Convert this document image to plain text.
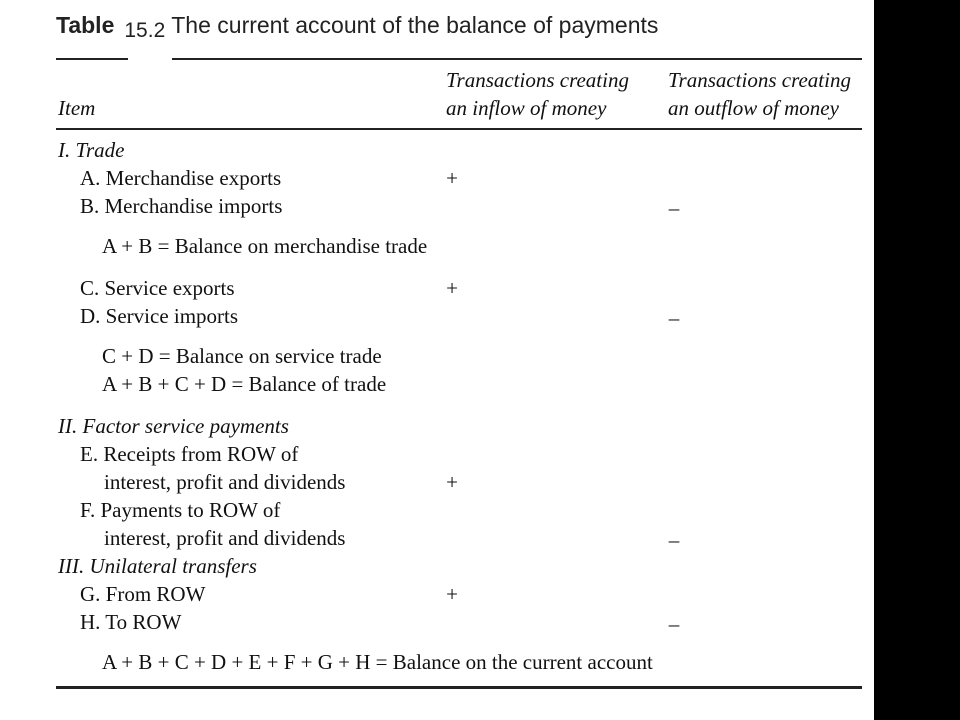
Table 15.2 The current account of the balance of payments
Item
Transactions creating
an inflow of money
Transactions creating
an outflow of money
I. Trade
A. Merchandise exports	+
B. Merchandise imports	–
A + B = Balance on merchandise trade
C. Service exports	+
D. Service imports	–
C + D = Balance on service trade
A + B + C + D = Balance of trade
II. Factor service payments
E. Receipts from ROW of
interest, profit and dividends	+
F. Payments to ROW of
interest, profit and dividends	–
III. Unilateral transfers
G. From ROW	+
H. To ROW	–
A + B + C + D + E + F + G + H = Balance on the current account
